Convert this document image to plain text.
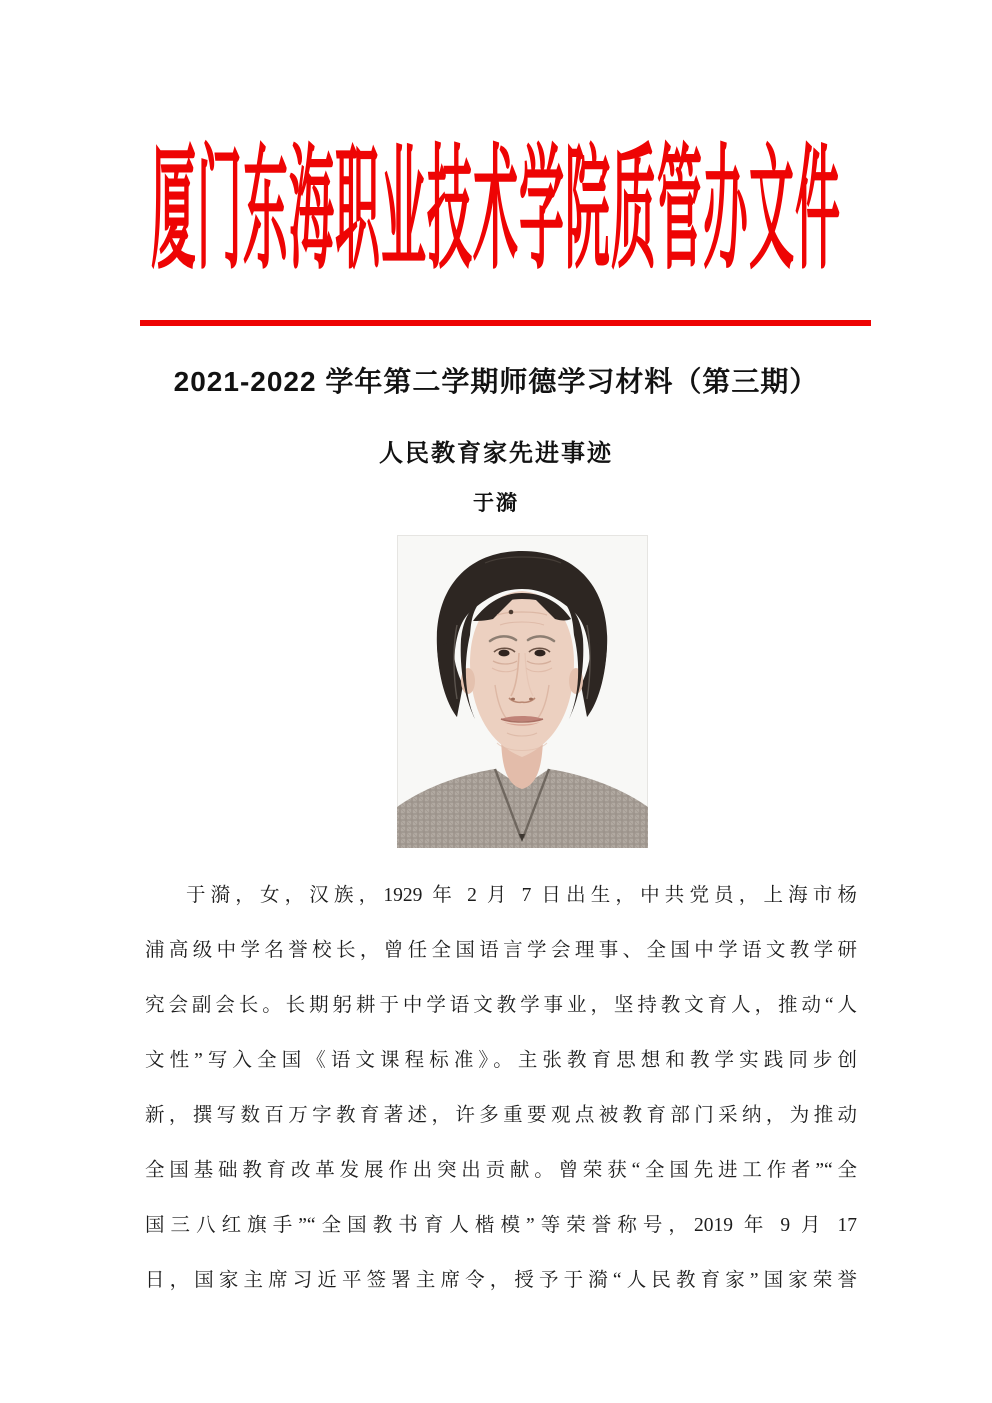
厦门东海职业技术学院质管办文件
2021-2022 学年第二学期师德学习材料（第三期）
人民教育家先进事迹
于漪
于漪，女，汉族，1929 年 2 月 7 日出生，中共党员，上海市杨
浦高级中学名誉校长，曾任全国语言学会理事、全国中学语文教学研
究会副会长。长期躬耕于中学语文教学事业，坚持教文育人，推动“人
文性”写入全国《语文课程标准》。主张教育思想和教学实践同步创
新，撰写数百万字教育著述，许多重要观点被教育部门采纳，为推动
全国基础教育改革发展作出突出贡献。曾荣获“全国先进工作者”“全
国三八红旗手”“全国教书育人楷模”等荣誉称号，2019 年 9 月 17
日，国家主席习近平签署主席令，授予于漪“人民教育家”国家荣誉
